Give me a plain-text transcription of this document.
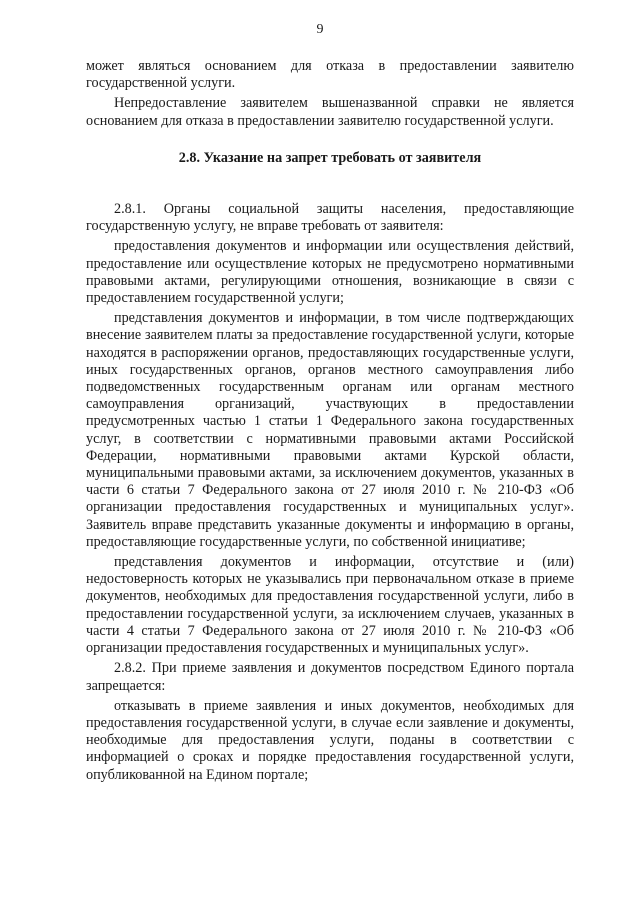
9

может являться основанием для отказа в предоставлении заявителю государственной услуги.

Непредоставление заявителем вышеназванной справки не является основанием для отказа в предоставлении заявителю государственной услуги.

2.8. Указание на запрет требовать от заявителя

2.8.1. Органы социальной защиты населения, предоставляющие государственную услугу, не вправе требовать от заявителя:

предоставления документов и информации или осуществления действий, предоставление или осуществление которых не предусмотрено нормативными правовыми актами, регулирующими отношения, возникающие в связи с предоставлением государственной услуги;

представления документов и информации, в том числе подтверждающих внесение заявителем платы за предоставление государственной услуги, которые находятся в распоряжении органов, предоставляющих государственные услуги, иных государственных органов, органов местного самоуправления либо подведомственных государственным органам или органам местного самоуправления организаций, участвующих в предоставлении предусмотренных частью 1 статьи 1 Федерального закона государственных услуг, в соответствии с нормативными правовыми актами Российской Федерации, нормативными правовыми актами Курской области, муниципальными правовыми актами, за исключением документов, указанных в части 6 статьи 7 Федерального закона от 27 июля 2010 г. № 210-ФЗ «Об организации предоставления государственных и муниципальных услуг». Заявитель вправе представить указанные документы и информацию в органы, предоставляющие государственные услуги, по собственной инициативе;

представления документов и информации, отсутствие и (или) недостоверность которых не указывались при первоначальном отказе в приеме документов, необходимых для предоставления государственной услуги, либо в предоставлении государственной услуги, за исключением случаев, указанных в части 4 статьи 7 Федерального закона от 27 июля 2010 г. № 210-ФЗ «Об организации предоставления государственных и муниципальных услуг».

2.8.2. При приеме заявления и документов посредством Единого портала запрещается:

отказывать в приеме заявления и иных документов, необходимых для предоставления государственной услуги, в случае если заявление и документы, необходимые для предоставления услуги, поданы в соответствии с информацией о сроках и порядке предоставления государственной услуги, опубликованной на Едином портале;
